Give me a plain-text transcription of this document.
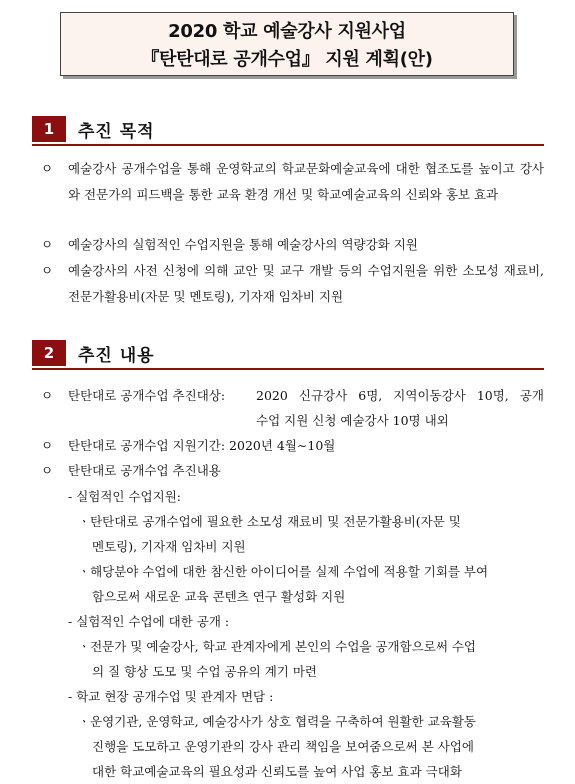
2020 학교 예술강사 지원사업
『탄탄대로 공개수업』 지원 계획(안)
1	추진 목적
ㅇ 예술강사 공개수업을 통해 운영학교의 학교문화예술교육에 대한 협조도를 높이고 강사와 전문가의 피드백을 통한 교육 환경 개선 및 학교예술교육의 신뢰와 홍보 효과
ㅇ 예술강사의 실험적인 수업지원을 통해 예술강사의 역량강화 지원
ㅇ 예술강사의 사전 신청에 의해 교안 및 교구 개발 등의 수업지원을 위한 소모성 재료비, 전문가활용비(자문 및 멘토링), 기자재 임차비 지원
2	추진 내용
ㅇ 탄탄대로 공개수업 추진대상: 2020 신규강사 6명, 지역이동강사 10명, 공개
수업 지원 신청 예술강사 10명 내외
ㅇ 탄탄대로 공개수업 지원기간: 2020년 4월∼10월
ㅇ 탄탄대로 공개수업 추진내용
- 실험적인 수업지원:
ㆍ탄탄대로 공개수업에 필요한 소모성 재료비 및 전문가활용비(자문 및
멘토링), 기자재 임차비 지원
ㆍ해당분야 수업에 대한 참신한 아이디어를 실제 수업에 적용할 기회를 부여
함으로써 새로운 교육 콘텐츠 연구 활성화 지원
- 실험적인 수업에 대한 공개 :
ㆍ전문가 및 예술강사, 학교 관계자에게 본인의 수업을 공개함으로써 수업
의 질 향상 도모 및 수업 공유의 계기 마련
- 학교 현장 공개수업 및 관계자 면담 :
ㆍ운영기관, 운영학교, 예술강사가 상호 협력을 구축하여 원활한 교육활동
진행을 도모하고 운영기관의 강사 관리 책임을 보여줌으로써 본 사업에
대한 학교예술교육의 필요성과 신뢰도를 높여 사업 홍보 효과 극대화
